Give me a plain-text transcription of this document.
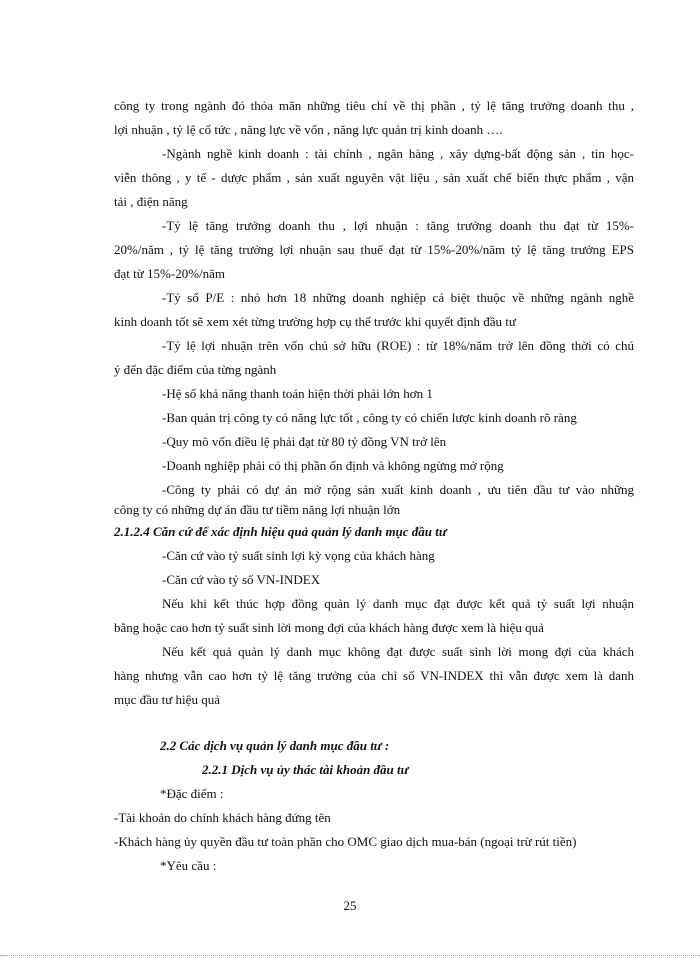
công ty trong ngành đó thỏa mãn những tiêu chí về thị phần , tỷ lệ tăng trưởng doanh thu ,
lợi nhuận , tỷ lệ cổ tức , năng lực về vốn , năng lực quản trị kinh doanh ….
-Ngành nghề kinh doanh : tài chính , ngân hàng , xây dựng-bất động sản , tin học-
viễn thông , y tế - dược phẩm , sản xuất nguyên vật liệu , sản xuất chế biến thực phẩm , vận
tải , điện năng
-Tỷ lệ tăng trưởng doanh thu , lợi nhuận : tăng trưởng doanh thu đạt từ 15%-
20%/năm , tỷ lệ tăng trưởng lợi nhuận sau thuế đạt từ 15%-20%/năm tỷ lệ tăng trưởng EPS
đạt từ 15%-20%/năm
-Tỷ số P/E : nhỏ hơn 18 những doanh nghiệp cá biệt thuộc về những ngành nghề
kinh doanh tốt sẽ xem xét từng trường hợp cụ thể trước khi quyết định đầu tư
-Tỷ lệ lợi nhuận trên vốn chủ sở hữu (ROE) : từ 18%/năm trở lên đồng thời có chú
ý đến đặc điểm của từng ngành
-Hệ số khả năng thanh toán hiện thời phải lớn hơn 1
-Ban quản trị công ty có năng lực tốt , công ty có chiến lược kinh doanh rõ ràng
-Quy mô vốn điều lệ phải đạt từ 80 tỷ đồng VN trở lên
-Doanh nghiệp phải có thị phần ổn định và không ngừng mở rộng
-Công ty phải có dự án mở rộng sản xuất kinh doanh , ưu tiên đầu tư vào những
công ty có những dự án đầu tư tiềm năng lợi nhuận lớn
2.1.2.4 Căn cứ để xác định hiệu quả quản lý danh mục đầu tư
-Căn cứ vào tỷ suất sinh lợi kỳ vọng của khách hàng
-Căn cứ vào tỷ số VN-INDEX
Nếu khi kết thúc hợp đồng quản lý danh mục đạt được kết quả tỷ suất lợi nhuận
bằng hoặc cao hơn tỷ suất sinh lời mong đợi của khách hàng được xem là hiệu quả
Nếu kết quả quản lý danh mục không đạt được suất sinh lời mong đợi của khách
hàng nhưng vẫn cao hơn tỷ lệ tăng trưởng của chỉ số VN-INDEX thì vẫn được xem là danh
mục đầu tư hiệu quả
2.2 Các dịch vụ quản lý danh mục đầu tư :
2.2.1 Dịch vụ ủy thác tài khoản đầu tư
*Đặc điểm :
-Tài khoản do chính khách hàng đứng tên
-Khách hàng ủy quyền đầu tư toàn phần cho OMC giao dịch mua-bán (ngoại trừ rút tiền)
*Yêu cầu :
25
